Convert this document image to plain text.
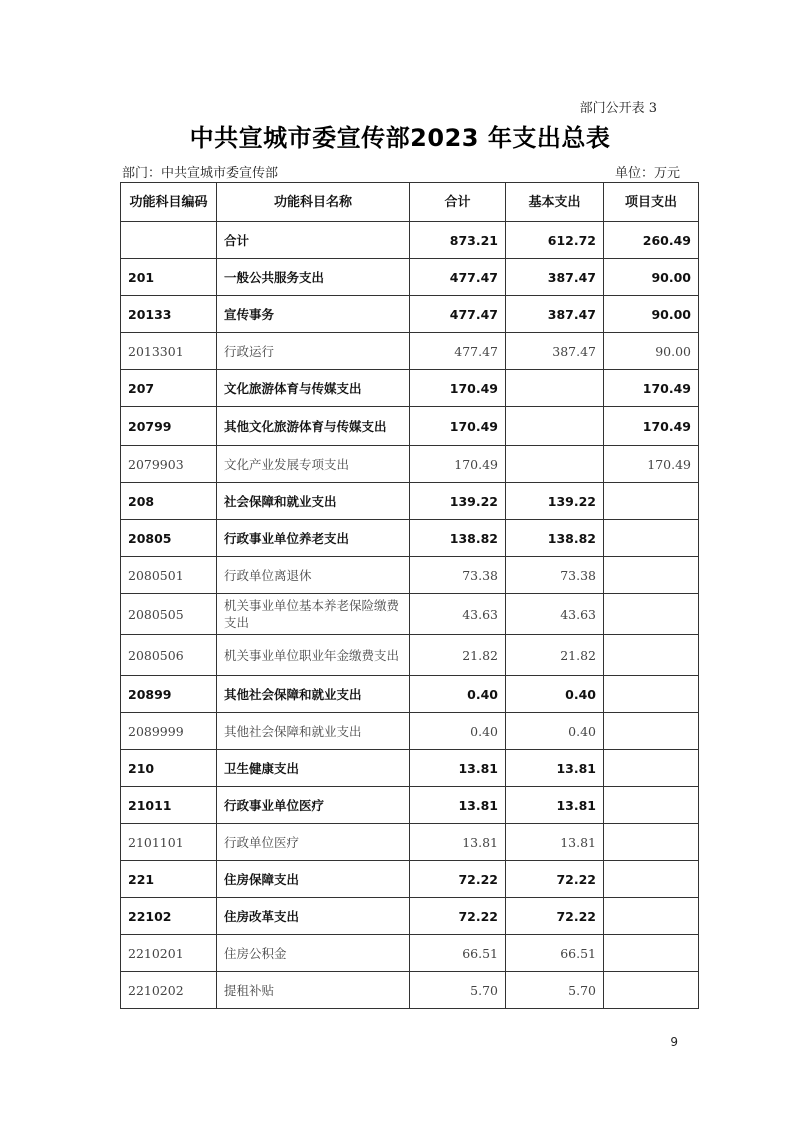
部门公开表 3
中共宣城市委宣传部2023 年支出总表
部门：中共宣城市委宣传部	单位：万元
功能科目编码	功能科目名称	合计	基本支出	项目支出
	合计	873.21	612.72	260.49
201	一般公共服务支出	477.47	387.47	90.00
20133	宣传事务	477.47	387.47	90.00
2013301	行政运行	477.47	387.47	90.00
207	文化旅游体育与传媒支出	170.49		170.49
20799	其他文化旅游体育与传媒支出	170.49		170.49
2079903	文化产业发展专项支出	170.49		170.49
208	社会保障和就业支出	139.22	139.22	
20805	行政事业单位养老支出	138.82	138.82	
2080501	行政单位离退休	73.38	73.38	
2080505	机关事业单位基本养老保险缴费支出	43.63	43.63	
2080506	机关事业单位职业年金缴费支出	21.82	21.82	
20899	其他社会保障和就业支出	0.40	0.40	
2089999	其他社会保障和就业支出	0.40	0.40	
210	卫生健康支出	13.81	13.81	
21011	行政事业单位医疗	13.81	13.81	
2101101	行政单位医疗	13.81	13.81	
221	住房保障支出	72.22	72.22	
22102	住房改革支出	72.22	72.22	
2210201	住房公积金	66.51	66.51	
2210202	提租补贴	5.70	5.70	
9
